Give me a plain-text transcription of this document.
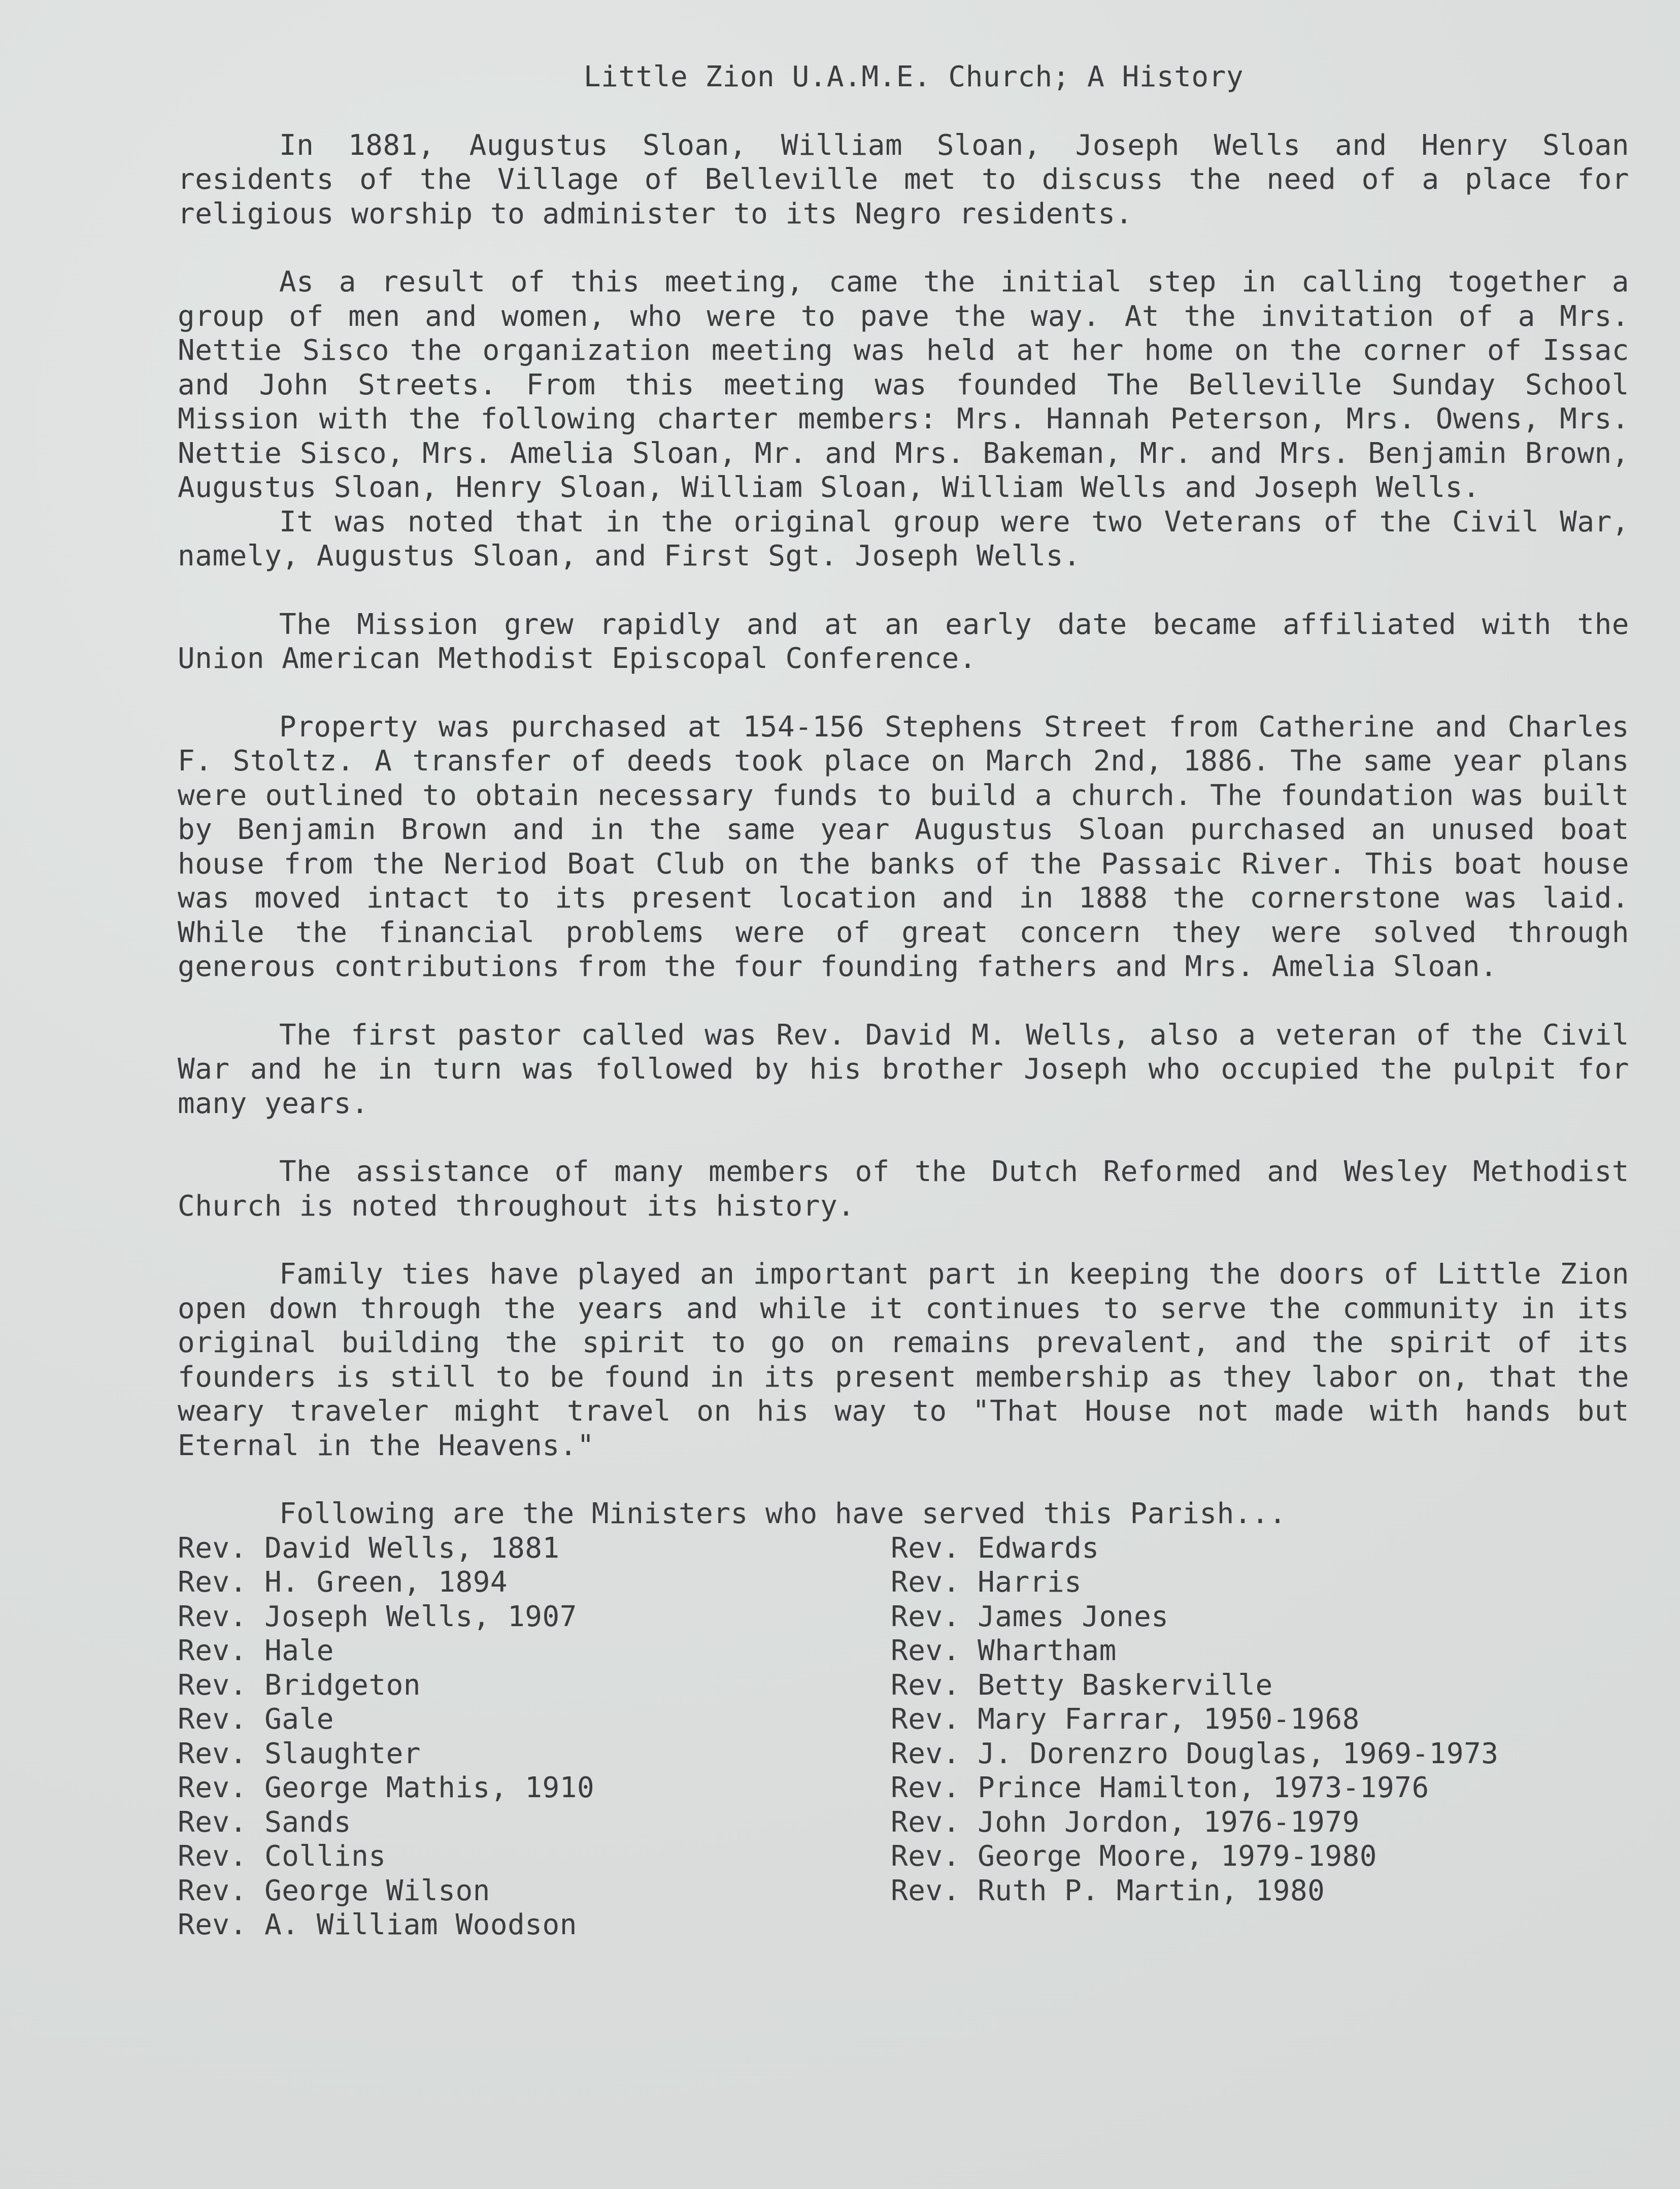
Little Zion U.A.M.E. Church; A History

In 1881, Augustus Sloan, William Sloan, Joseph Wells and Henry Sloan residents of the Village of Belleville met to discuss the need of a place for religious worship to administer to its Negro residents.

As a result of this meeting, came the initial step in calling together a group of men and women, who were to pave the way. At the invitation of a Mrs. Nettie Sisco the organization meeting was held at her home on the corner of Issac and John Streets. From this meeting was founded The Belleville Sunday School Mission with the following charter members: Mrs. Hannah Peterson, Mrs. Owens, Mrs. Nettie Sisco, Mrs. Amelia Sloan, Mr. and Mrs. Bakeman, Mr. and Mrs. Benjamin Brown, Augustus Sloan, Henry Sloan, William Sloan, William Wells and Joseph Wells.

It was noted that in the original group were two Veterans of the Civil War, namely, Augustus Sloan, and First Sgt. Joseph Wells.

The Mission grew rapidly and at an early date became affiliated with the Union American Methodist Episcopal Conference.

Property was purchased at 154-156 Stephens Street from Catherine and Charles F. Stoltz. A transfer of deeds took place on March 2nd, 1886. The same year plans were outlined to obtain necessary funds to build a church. The foundation was built by Benjamin Brown and in the same year Augustus Sloan purchased an unused boat house from the Neriod Boat Club on the banks of the Passaic River. This boat house was moved intact to its present location and in 1888 the cornerstone was laid. While the financial problems were of great concern they were solved through generous contributions from the four founding fathers and Mrs. Amelia Sloan.

The first pastor called was Rev. David M. Wells, also a veteran of the Civil War and he in turn was followed by his brother Joseph who occupied the pulpit for many years.

The assistance of many members of the Dutch Reformed and Wesley Methodist Church is noted throughout its history.

Family ties have played an important part in keeping the doors of Little Zion open down through the years and while it continues to serve the community in its original building the spirit to go on remains prevalent, and the spirit of its founders is still to be found in its present membership as they labor on, that the weary traveler might travel on his way to "That House not made with hands but Eternal in the Heavens."

Following are the Ministers who have served this Parish...
Rev. David Wells, 1881
Rev. H. Green, 1894
Rev. Joseph Wells, 1907
Rev. Hale
Rev. Bridgeton
Rev. Gale
Rev. Slaughter
Rev. George Mathis, 1910
Rev. Sands
Rev. Collins
Rev. George Wilson
Rev. A. William Woodson
Rev. Edwards
Rev. Harris
Rev. James Jones
Rev. Whartham
Rev. Betty Baskerville
Rev. Mary Farrar, 1950-1968
Rev. J. Dorenzro Douglas, 1969-1973
Rev. Prince Hamilton, 1973-1976
Rev. John Jordon, 1976-1979
Rev. George Moore, 1979-1980
Rev. Ruth P. Martin, 1980
